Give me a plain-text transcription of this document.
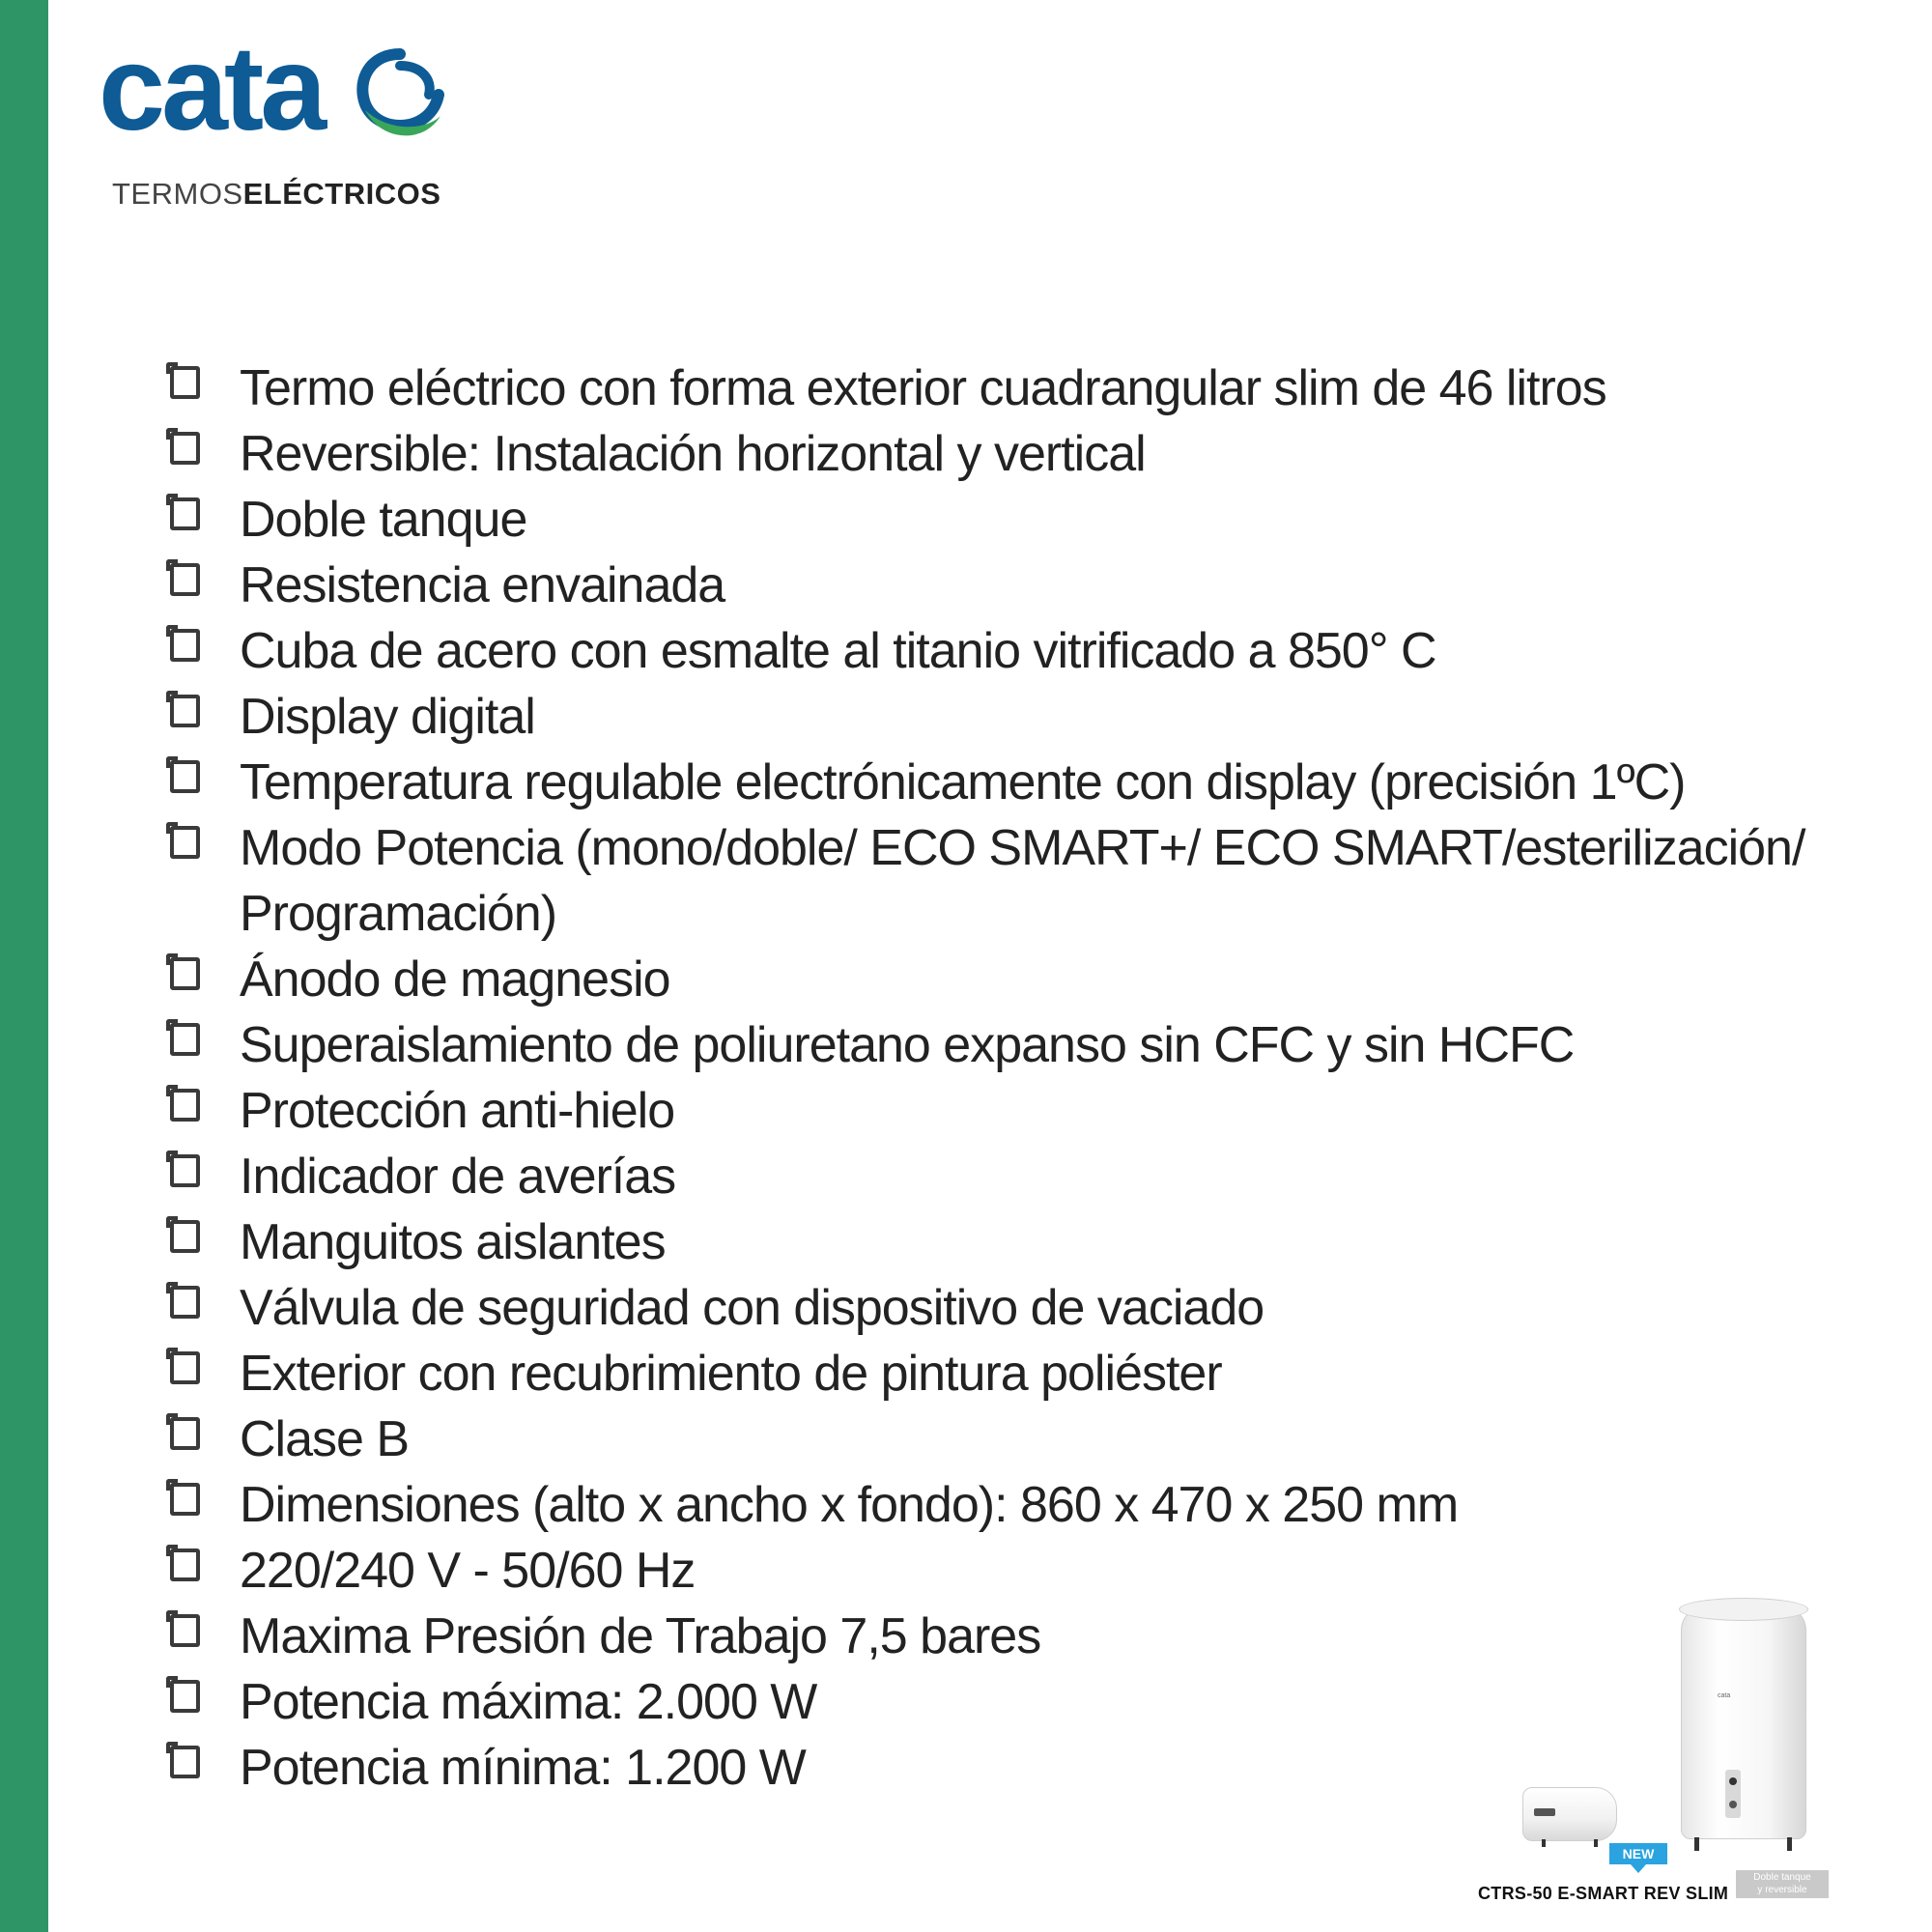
cata
TERMOSELÉCTRICOS
Termo eléctrico con forma exterior cuadrangular slim de 46 litros
Reversible: Instalación horizontal y vertical
Doble tanque
Resistencia envainada
Cuba de acero con esmalte al titanio vitrificado a 850° C
Display digital
Temperatura regulable electrónicamente con display (precisión 1ºC)
Modo Potencia (mono/doble/ ECO SMART+/ ECO SMART/esterilización/ Programación)
Ánodo de magnesio
Superaislamiento de poliuretano expanso sin CFC y sin HCFC
Protección anti-hielo
Indicador de averías
Manguitos aislantes
Válvula de seguridad con dispositivo de vaciado
Exterior con recubrimiento de pintura poliéster
Clase B
Dimensiones (alto x ancho x fondo): 860 x 470 x 250 mm
220/240 V - 50/60 Hz
Maxima Presión de Trabajo 7,5 bares
Potencia máxima: 2.000 W
Potencia mínima: 1.200 W
cata
NEW
CTRS-50 E-SMART REV SLIM
Doble tanque
y reversible
